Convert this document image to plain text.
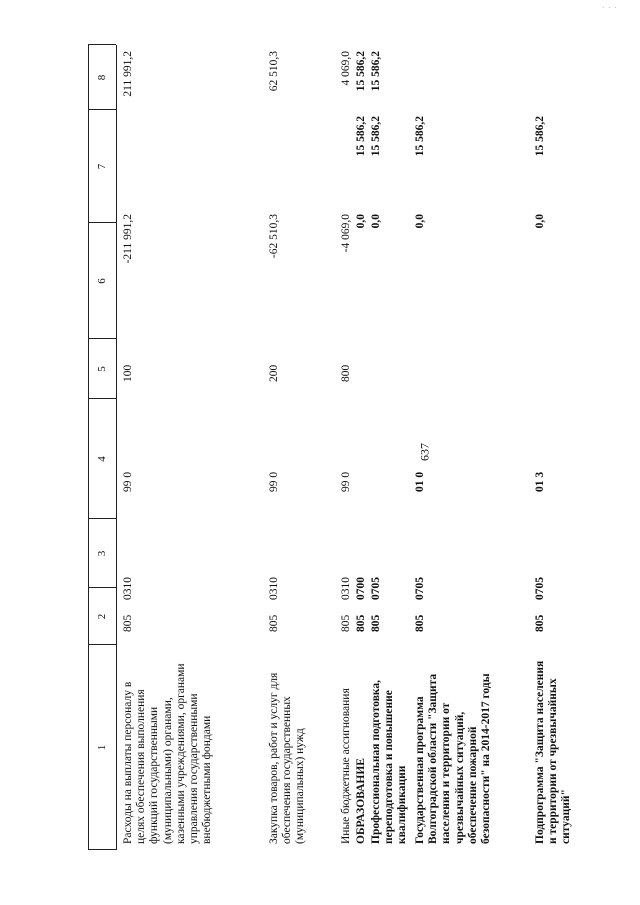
· · ·
637
1
2
3
4
5
6
7
8
Расходы на выплаты персоналу в целях обеспечения выполнения функций государственными (муниципальными) органами, казенными учреждениями, органами управления государственными внебюджетными фондами
805
0310
99 0
100
-211 991,2
211 991,2
Закупка товаров, работ и услуг для обеспечения государственных (муниципальных) нужд
805
0310
99 0
200
-62 510,3
62 510,3
Иные бюджетные ассигнования
805
0310
99 0
800
-4 069,0
4 069,0
ОБРАЗОВАНИЕ
805
0700
0,0
15 586,2
15 586,2
Профессиональная подготовка, переподготовка и повышение квалификации
805
0705
0,0
15 586,2
15 586,2
Государственная программа Волгоградской области "Защита населения и территории от чрезвычайных ситуаций, обеспечение пожарной безопасности" на 2014-2017 годы
805
0705
01 0
0,0
15 586,2
Подпрограмма "Защита населения и территории от чрезвычайных ситуаций"
805
0705
01 3
0,0
15 586,2
